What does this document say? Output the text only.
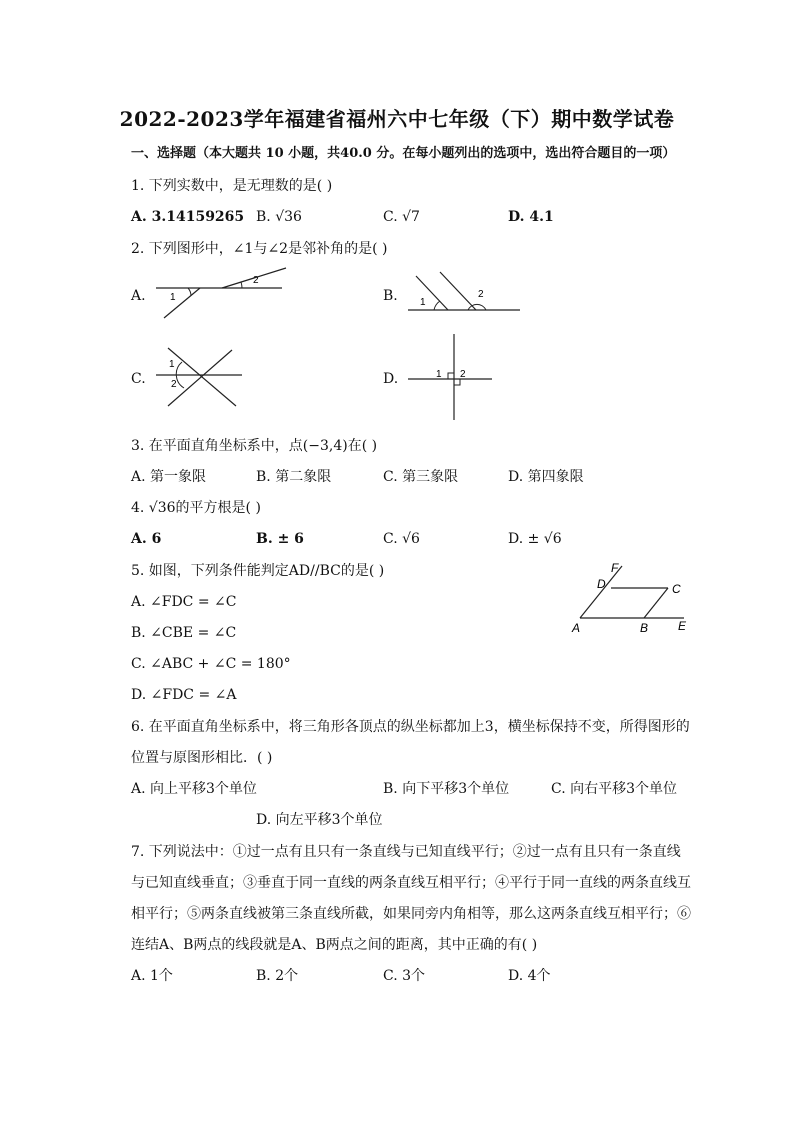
2022-2023学年福建省福州六中七年级（下）期中数学试卷
一、选择题（本大题共 10 小题，共40.0 分。在每小题列出的选项中，选出符合题目的一项）
1. 下列实数中，是无理数的是( )
A. 3.14159265 B. √36	C. √7	D. 4.1
2. 下列图形中，∠1与∠2是邻补角的是( )
A. 1
2
B. 1
2
C.
1
2	D.	1 2
3. 在平面直角坐标系中，点(−3,4)在( )
A. 第一象限	B. 第二象限	C. 第三象限	D. 第四象限
4. √36的平方根是( )
A. 6	B. ± 6	C. √6	D. ± √6
5. 如图，下列条件能判定AD//BC的是( )
A. ∠FDC = ∠C
B. ∠CBE = ∠C
C. ∠ABC + ∠C = 180°
D. ∠FDC = ∠A
F
D	C
A	B E
6. 在平面直角坐标系中，将三角形各顶点的纵坐标都加上3，横坐标保持不变，所得图形的
位置与原图形相比．( )
A. 向上平移3个单位	B. 向下平移3个单位	C. 向右平移3个单位
D. 向左平移3个单位
7. 下列说法中：①过一点有且只有一条直线与已知直线平行；②过一点有且只有一条直线
与已知直线垂直；③垂直于同一直线的两条直线互相平行；④平行于同一直线的两条直线互
相平行；⑤两条直线被第三条直线所截，如果同旁内角相等，那么这两条直线互相平行；⑥
连结A、B两点的线段就是A、B两点之间的距离，其中正确的有( )
A. 1个	B. 2个	C. 3个	D. 4个
